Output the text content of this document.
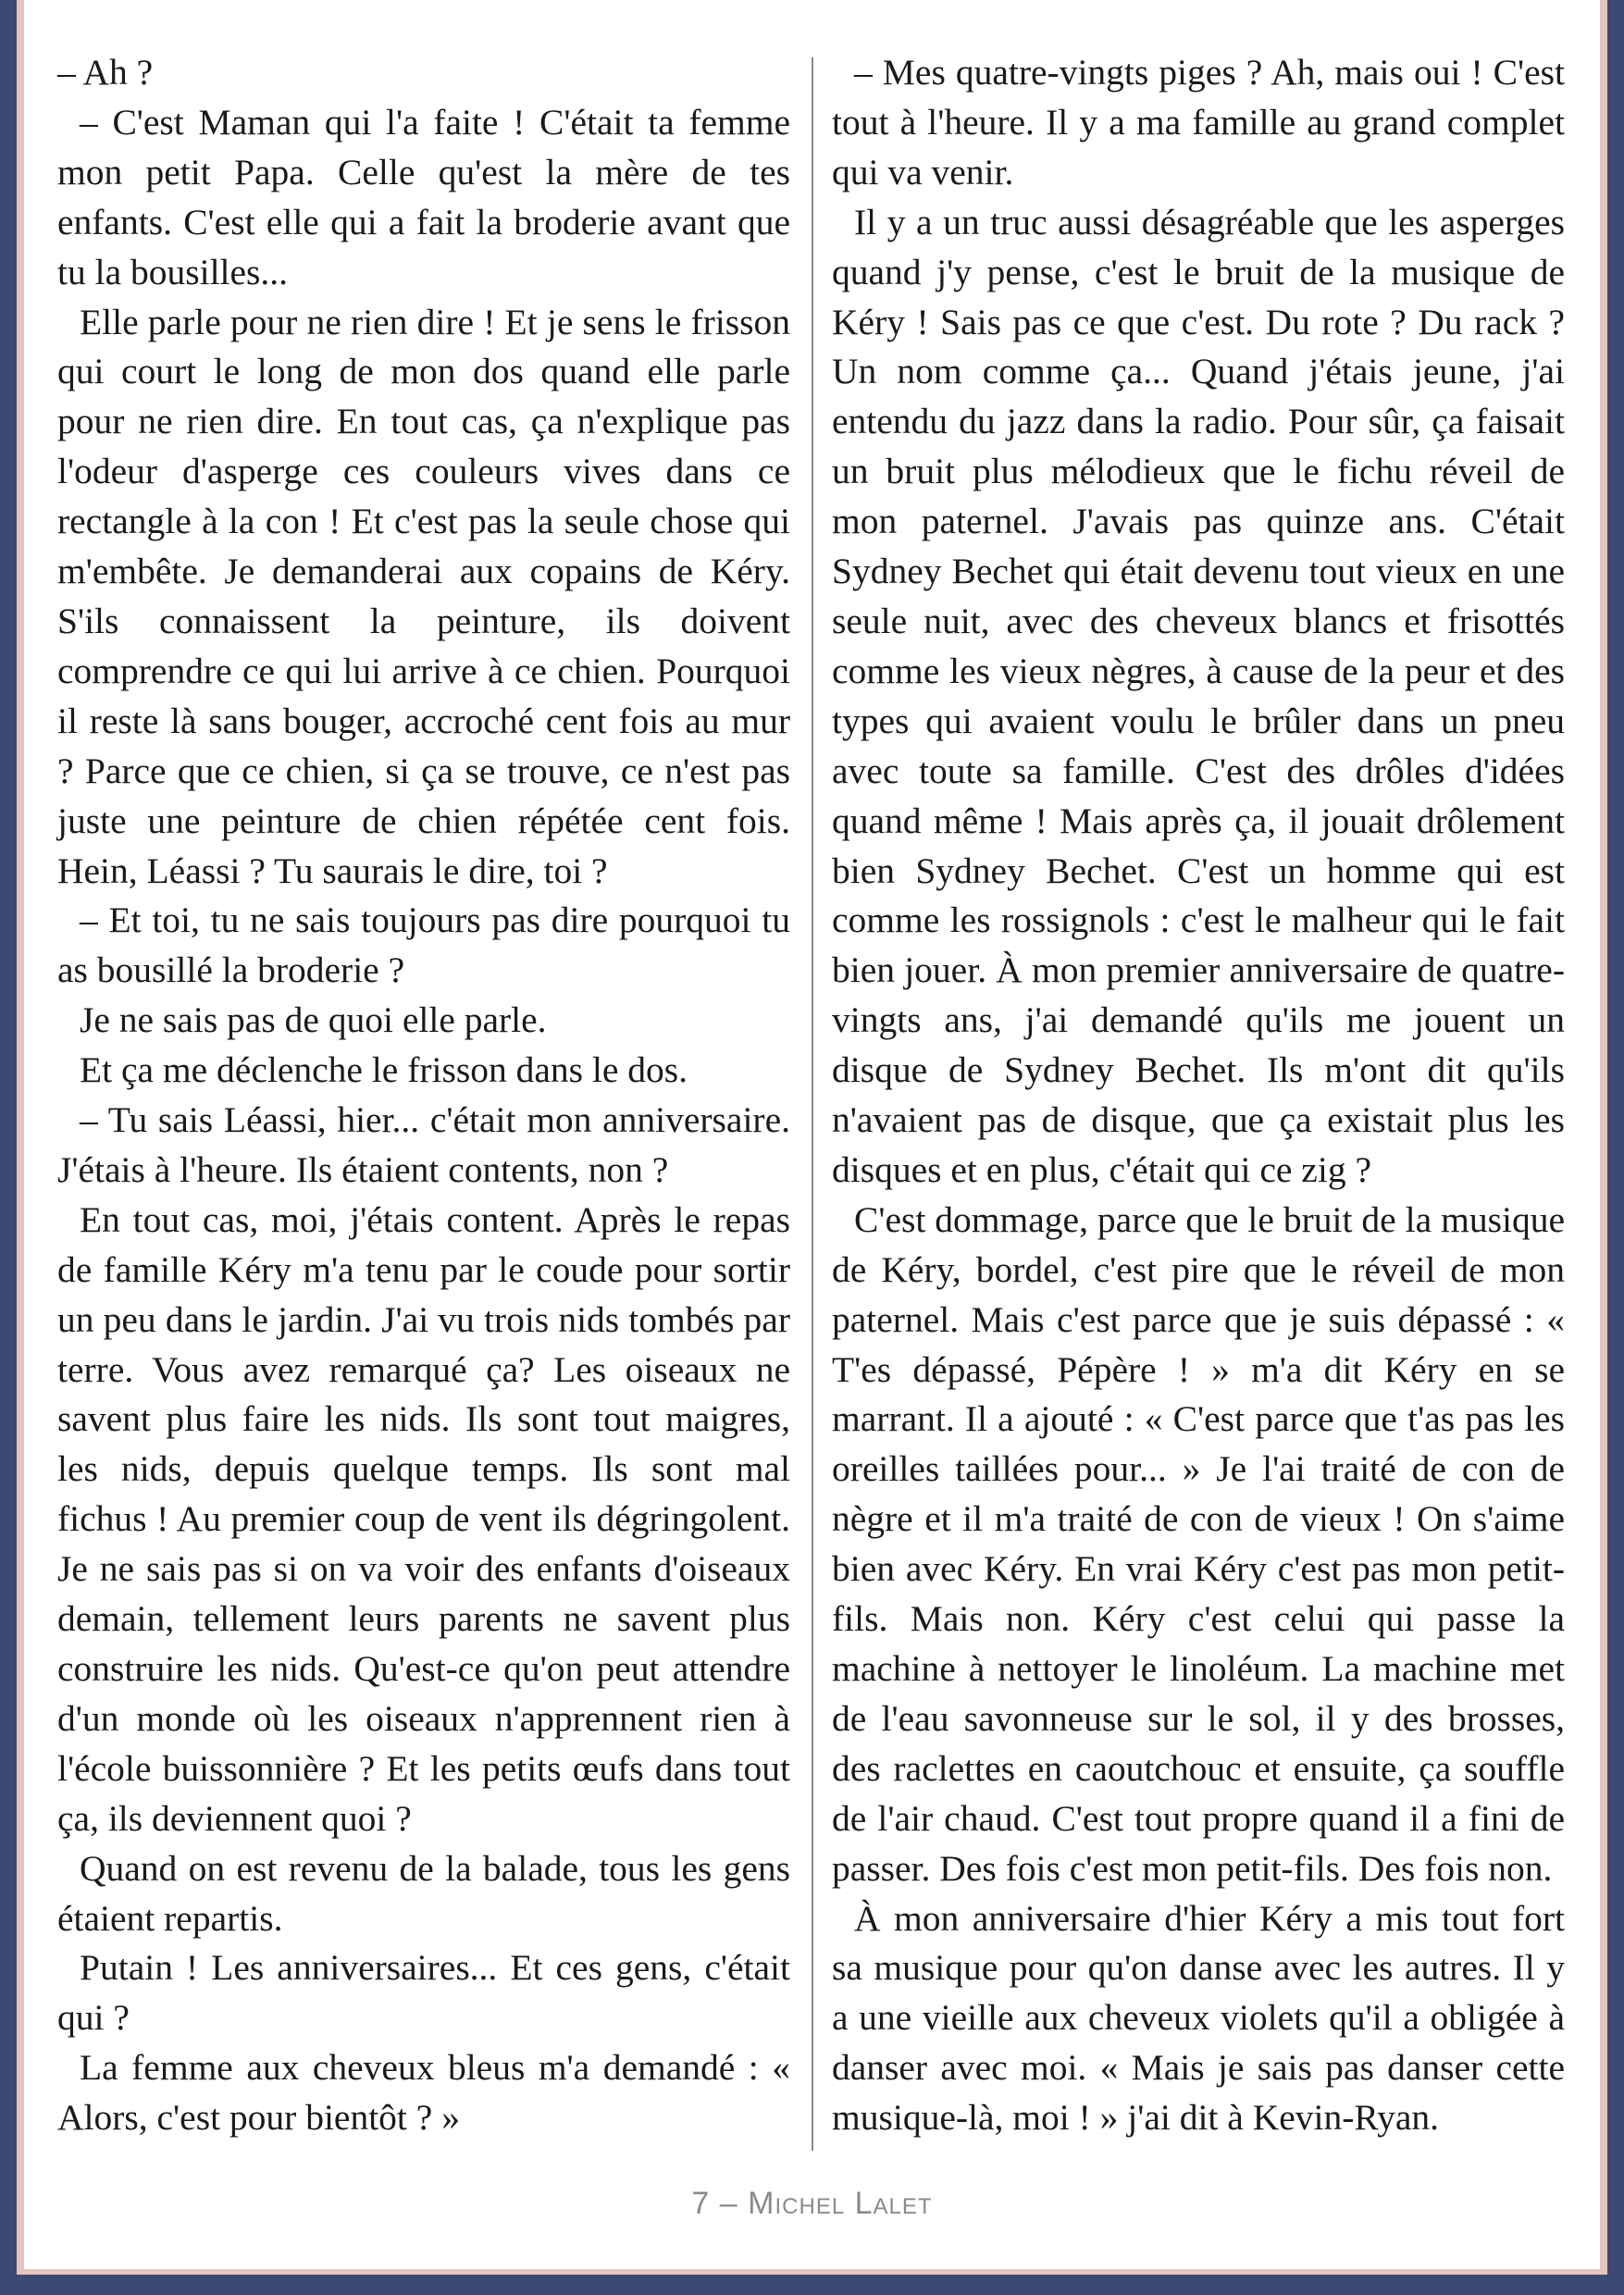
– Ah ?

– C'est Maman qui l'a faite ! C'était ta femme mon petit Papa. Celle qu'est la mère de tes enfants. C'est elle qui a fait la broderie avant que tu la bousilles...

Elle parle pour ne rien dire ! Et je sens le frisson qui court le long de mon dos quand elle parle pour ne rien dire. En tout cas, ça n'explique pas l'odeur d'asperge ces couleurs vives dans ce rectangle à la con ! Et c'est pas la seule chose qui m'embête. Je demanderai aux copains de Kéry. S'ils connaissent la peinture, ils doivent comprendre ce qui lui arrive à ce chien. Pourquoi il reste là sans bouger, accroché cent fois au mur ? Parce que ce chien, si ça se trouve, ce n'est pas juste une peinture de chien répétée cent fois. Hein, Léassi ? Tu saurais le dire, toi ?

– Et toi, tu ne sais toujours pas dire pourquoi tu as bousillé la broderie ?

Je ne sais pas de quoi elle parle.

Et ça me déclenche le frisson dans le dos.

– Tu sais Léassi, hier... c'était mon anniversaire. J'étais à l'heure. Ils étaient contents, non ?

En tout cas, moi, j'étais content. Après le repas de famille Kéry m'a tenu par le coude pour sortir un peu dans le jardin. J'ai vu trois nids tombés par terre. Vous avez remarqué ça? Les oiseaux ne savent plus faire les nids. Ils sont tout maigres, les nids, depuis quelque temps. Ils sont mal fichus ! Au premier coup de vent ils dégringolent. Je ne sais pas si on va voir des enfants d'oiseaux demain, tellement leurs parents ne savent plus construire les nids. Qu'est-ce qu'on peut attendre d'un monde où les oiseaux n'apprennent rien à l'école buissonnière ? Et les petits œufs dans tout ça, ils deviennent quoi ?

Quand on est revenu de la balade, tous les gens étaient repartis.

Putain ! Les anniversaires... Et ces gens, c'était qui ?

La femme aux cheveux bleus m'a demandé : « Alors, c'est pour bientôt ? »

– Mes quatre-vingts piges ? Ah, mais oui ! C'est tout à l'heure. Il y a ma famille au grand complet qui va venir.

Il y a un truc aussi désagréable que les asperges quand j'y pense, c'est le bruit de la musique de Kéry ! Sais pas ce que c'est. Du rote ? Du rack ? Un nom comme ça... Quand j'étais jeune, j'ai entendu du jazz dans la radio. Pour sûr, ça faisait un bruit plus mélodieux que le fichu réveil de mon paternel. J'avais pas quinze ans. C'était Sydney Bechet qui était devenu tout vieux en une seule nuit, avec des cheveux blancs et frisottés comme les vieux nègres, à cause de la peur et des types qui avaient voulu le brûler dans un pneu avec toute sa famille. C'est des drôles d'idées quand même ! Mais après ça, il jouait drôlement bien Sydney Bechet. C'est un homme qui est comme les rossignols : c'est le malheur qui le fait bien jouer. À mon premier anniversaire de quatre-vingts ans, j'ai demandé qu'ils me jouent un disque de Sydney Bechet. Ils m'ont dit qu'ils n'avaient pas de disque, que ça existait plus les disques et en plus, c'était qui ce zig ?

C'est dommage, parce que le bruit de la musique de Kéry, bordel, c'est pire que le réveil de mon paternel. Mais c'est parce que je suis dépassé : « T'es dépassé, Pépère ! » m'a dit Kéry en se marrant. Il a ajouté : « C'est parce que t'as pas les oreilles taillées pour... » Je l'ai traité de con de nègre et il m'a traité de con de vieux ! On s'aime bien avec Kéry. En vrai Kéry c'est pas mon petit-fils. Mais non. Kéry c'est celui qui passe la machine à nettoyer le linoléum. La machine met de l'eau savonneuse sur le sol, il y des brosses, des raclettes en caoutchouc et ensuite, ça souffle de l'air chaud. C'est tout propre quand il a fini de passer. Des fois c'est mon petit-fils. Des fois non.

À mon anniversaire d'hier Kéry a mis tout fort sa musique pour qu'on danse avec les autres. Il y a une vieille aux cheveux violets qu'il a obligée à danser avec moi. « Mais je sais pas danser cette musique-là, moi ! » j'ai dit à Kevin-Ryan.

7 – Michel Lalet
